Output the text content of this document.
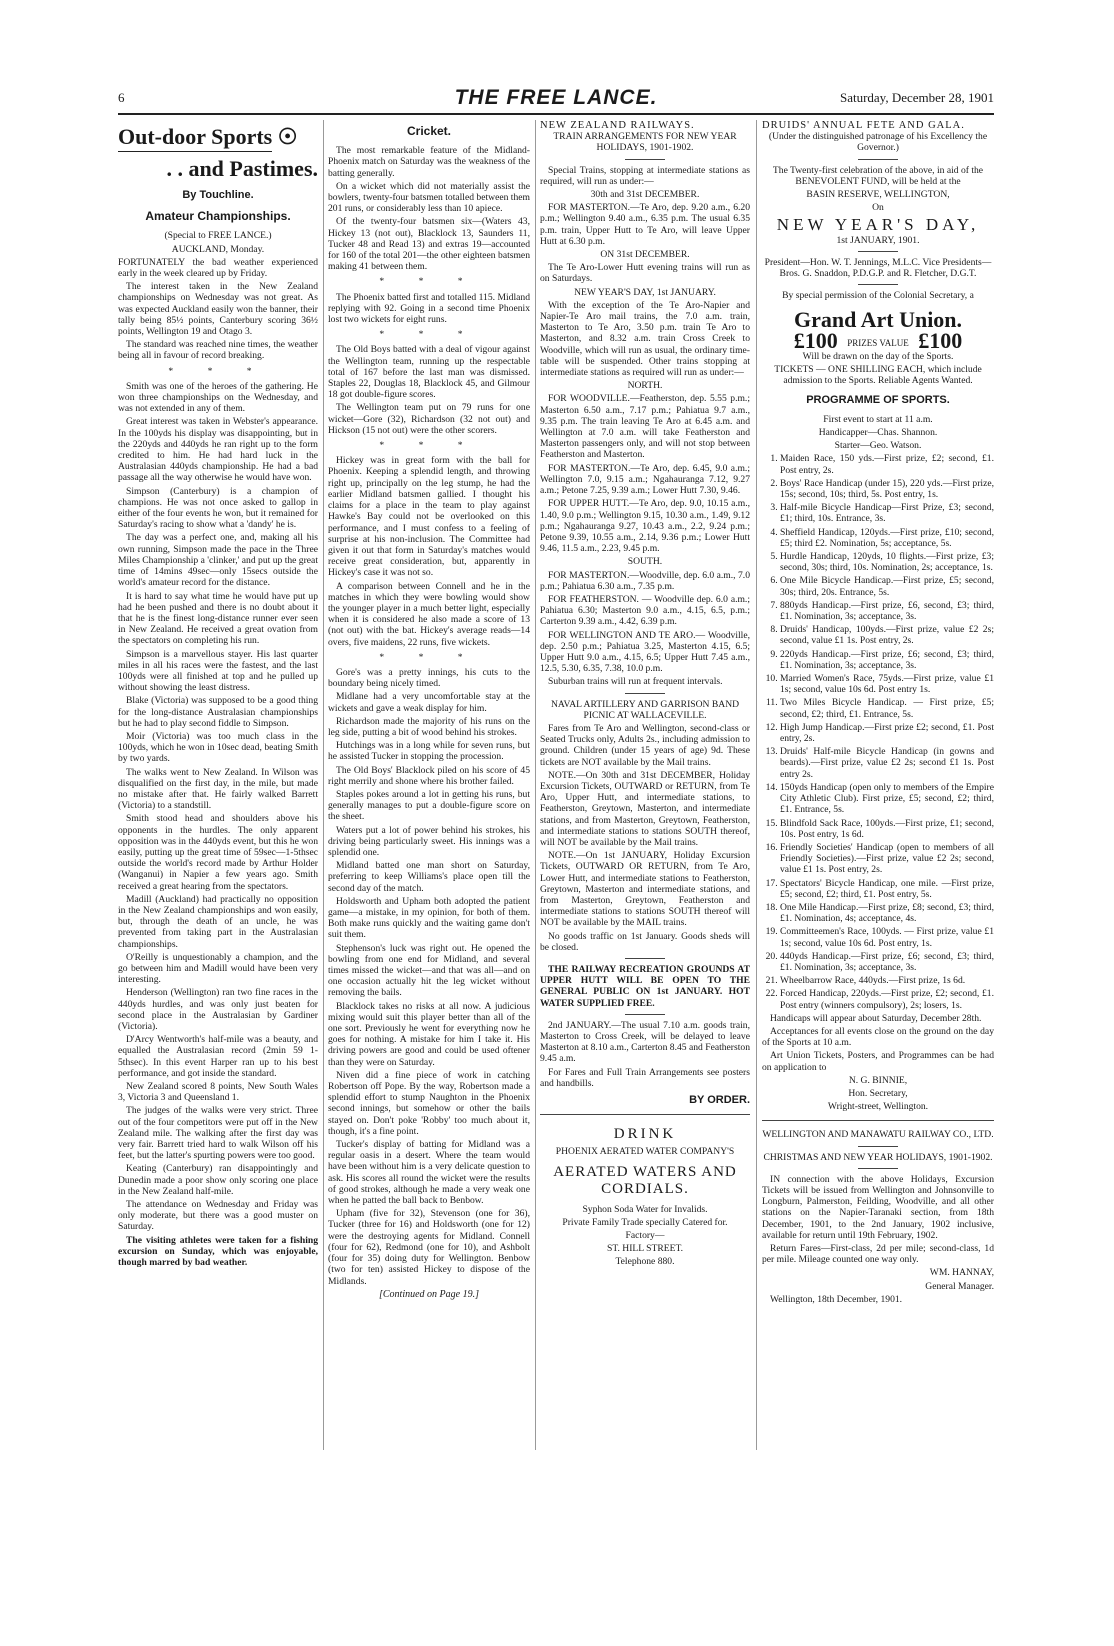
6	THE FREE LANCE.	Saturday, December 28, 1901
Out-door Sports ☉
. . and Pastimes.
By Touchline.
Amateur Championships.

(Special to FREE LANCE.)

AUCKLAND, Monday.

FORTUNATELY the bad weather experienced early in the week cleared up by Friday.

The interest taken in the New Zealand championships on Wednesday was not great. As was expected Auckland easily won the banner, their tally being 85½ points, Canterbury scoring 36½ points, Wellington 19 and Otago 3.

The standard was reached nine times, the weather being all in favour of record breaking.

* * *

Smith was one of the heroes of the gathering. He won three championships on the Wednesday, and was not extended in any of them.

Great interest was taken in Webster's appearance. In the 100yds his display was disappointing, but in the 220yds and 440yds he ran right up to the form credited to him. He had hard luck in the Australasian 440yds championship. He had a bad passage all the way otherwise he would have won.

Simpson (Canterbury) is a champion of champions. He was not once asked to gallop in either of the four events he won, but it remained for Saturday's racing to show what a 'dandy' he is.

The day was a perfect one, and, making all his own running, Simpson made the pace in the Three Miles Championship a 'clinker,' and put up the great time of 14mins 49sec—only 15secs outside the world's amateur record for the distance.

It is hard to say what time he would have put up had he been pushed and there is no doubt about it that he is the finest long-distance runner ever seen in New Zealand. He received a great ovation from the spectators on completing his run.

Simpson is a marvellous stayer. His last quarter miles in all his races were the fastest, and the last 100yds were all finished at top and he pulled up without showing the least distress.

Blake (Victoria) was supposed to be a good thing for the long-distance Australasian championships but he had to play second fiddle to Simpson.

Moir (Victoria) was too much class in the 100yds, which he won in 10sec dead, beating Smith by two yards.

The walks went to New Zealand. In Wilson was disqualified on the first day, in the mile, but made no mistake after that. He fairly walked Barrett (Victoria) to a standstill.

Smith stood head and shoulders above his opponents in the hurdles. The only apparent opposition was in the 440yds event, but this he won easily, putting up the great time of 59sec—1-5thsec outside the world's record made by Arthur Holder (Wanganui) in Napier a few years ago. Smith received a great hearing from the spectators.

Madill (Auckland) had practically no opposition in the New Zealand championships and won easily, but, through the death of an uncle, he was prevented from taking part in the Australasian championships.

O'Reilly is unquestionably a champion, and the go between him and Madill would have been very interesting.

Henderson (Wellington) ran two fine races in the 440yds hurdles, and was only just beaten for second place in the Australasian by Gardiner (Victoria).

D'Arcy Wentworth's half-mile was a beauty, and equalled the Australasian record (2min 59 1-5thsec). In this event Harper ran up to his best performance, and got inside the standard.

New Zealand scored 8 points, New South Wales 3, Victoria 3 and Queensland 1.

The judges of the walks were very strict. Three out of the four competitors were put off in the New Zealand mile. The walking after the first day was very fair. Barrett tried hard to walk Wilson off his feet, but the latter's spurting powers were too good.

Keating (Canterbury) ran disappointingly and Dunedin made a poor show only scoring one place in the New Zealand half-mile.

The attendance on Wednesday and Friday was only moderate, but there was a good muster on Saturday.

The visiting athletes were taken for a fishing excursion on Sunday, which was enjoyable, though marred by bad weather.

Cricket.

The most remarkable feature of the Midland-Phoenix match on Saturday was the weakness of the batting generally.

On a wicket which did not materially assist the bowlers, twenty-four batsmen totalled between them 201 runs, or considerably less than 10 apiece.

Of the twenty-four batsmen six—(Waters 43, Hickey 13 (not out), Blacklock 13, Saunders 11, Tucker 48 and Read 13) and extras 19—accounted for 160 of the total 201—the other eighteen batsmen making 41 between them.

* * *

The Phoenix batted first and totalled 115. Midland replying with 92. Going in a second time Phoenix lost two wickets for eight runs.

* * *

The Old Boys batted with a deal of vigour against the Wellington team, running up the respectable total of 167 before the last man was dismissed. Staples 22, Douglas 18, Blacklock 45, and Gilmour 18 got double-figure scores.

The Wellington team put on 79 runs for one wicket—Gore (32), Richardson (32 not out) and Hickson (15 not out) were the other scorers.

* * *

Hickey was in great form with the ball for Phoenix. Keeping a splendid length, and throwing right up, principally on the leg stump, he had the earlier Midland batsmen gallied. I thought his claims for a place in the team to play against Hawke's Bay could not be overlooked on this performance, and I must confess to a feeling of surprise at his non-inclusion. The Committee had given it out that form in Saturday's matches would receive great consideration, but, apparently in Hickey's case it was not so.

A comparison between Connell and he in the matches in which they were bowling would show the younger player in a much better light, especially when it is considered he also made a score of 13 (not out) with the bat. Hickey's average reads—14 overs, five maidens, 22 runs, five wickets.

* * *

Gore's was a pretty innings, his cuts to the boundary being nicely timed.

Midlane had a very uncomfortable stay at the wickets and gave a weak display for him.

Richardson made the majority of his runs on the leg side, putting a bit of wood behind his strokes.

Hutchings was in a long while for seven runs, but he assisted Tucker in stopping the procession.

The Old Boys' Blacklock piled on his score of 45 right merrily and shone where his brother failed.

Staples pokes around a lot in getting his runs, but generally manages to put a double-figure score on the sheet.

Waters put a lot of power behind his strokes, his driving being particularly sweet. His innings was a splendid one.

Midland batted one man short on Saturday, preferring to keep Williams's place open till the second day of the match.

Holdsworth and Upham both adopted the patient game—a mistake, in my opinion, for both of them. Both make runs quickly and the waiting game don't suit them.

Stephenson's luck was right out. He opened the bowling from one end for Midland, and several times missed the wicket—and that was all—and on one occasion actually hit the leg wicket without removing the bails.

Blacklock takes no risks at all now. A judicious mixing would suit this player better than all of the one sort. Previously he went for everything now he goes for nothing. A mistake for him I take it. His driving powers are good and could be used oftener than they were on Saturday.

Niven did a fine piece of work in catching Robertson off Pope. By the way, Robertson made a splendid effort to stump Naughton in the Phoenix second innings, but somehow or other the bails stayed on. Don't poke 'Robby' too much about it, though, it's a fine point.

Tucker's display of batting for Midland was a regular oasis in a desert. Where the team would have been without him is a very delicate question to ask. His scores all round the wicket were the results of good strokes, although he made a very weak one when he patted the ball back to Benbow.

Upham (five for 32), Stevenson (one for 36), Tucker (three for 16) and Holdsworth (one for 12) were the destroying agents for Midland. Connell (four for 62), Redmond (one for 10), and Ashbolt (four for 35) doing duty for Wellington. Benbow (two for ten) assisted Hickey to dispose of the Midlands.

[Continued on Page 19.]
NEW ZEALAND RAILWAYS.

TRAIN ARRANGEMENTS FOR NEW YEAR HOLIDAYS, 1901-1902.

Special Trains, stopping at intermediate stations as required, will run as under:—

30th and 31st DECEMBER.

FOR MASTERTON.—Te Aro, dep. 9.20 a.m., 6.20 p.m.; Wellington 9.40 a.m., 6.35 p.m. The usual 6.35 p.m. train, Upper Hutt to Te Aro, will leave Upper Hutt at 6.30 p.m.

ON 31st DECEMBER.

The Te Aro-Lower Hutt evening trains will run as on Saturdays.

NEW YEAR'S DAY, 1st JANUARY.

With the exception of the Te Aro-Napier and Napier-Te Aro mail trains, the 7.0 a.m. train, Masterton to Te Aro, 3.50 p.m. train Te Aro to Masterton, and 8.32 a.m. train Cross Creek to Woodville, which will run as usual, the ordinary time-table will be suspended. Other trains stopping at intermediate stations as required will run as under:—

NORTH.

FOR WOODVILLE.—Featherston, dep. 5.55 p.m.; Masterton 6.50 a.m., 7.17 p.m.; Pahiatua 9.7 a.m., 9.35 p.m. The train leaving Te Aro at 6.45 a.m. and Wellington at 7.0 a.m. will take Featherston and Masterton passengers only, and will not stop between Featherston and Masterton.

FOR MASTERTON.—Te Aro, dep. 6.45, 9.0 a.m.; Wellington 7.0, 9.15 a.m.; Ngahauranga 7.12, 9.27 a.m.; Petone 7.25, 9.39 a.m.; Lower Hutt 7.30, 9.46.

FOR UPPER HUTT.—Te Aro, dep. 9.0, 10.15 a.m., 1.40, 9.0 p.m.; Wellington 9.15, 10.30 a.m., 1.49, 9.12 p.m.; Ngahauranga 9.27, 10.43 a.m., 2.2, 9.24 p.m.; Petone 9.39, 10.55 a.m., 2.14, 9.36 p.m.; Lower Hutt 9.46, 11.5 a.m., 2.23, 9.45 p.m.

SOUTH.

FOR MASTERTON.—Woodville, dep. 6.0 a.m., 7.0 p.m.; Pahiatua 6.30 a.m., 7.35 p.m.

FOR FEATHERSTON. — Woodville dep. 6.0 a.m.; Pahiatua 6.30; Masterton 9.0 a.m., 4.15, 6.5, p.m.; Carterton 9.39 a.m., 4.42, 6.39 p.m.

FOR WELLINGTON AND TE ARO.— Woodville, dep. 2.50 p.m.; Pahiatua 3.25, Masterton 4.15, 6.5; Upper Hutt 9.0 a.m., 4.15, 6.5; Upper Hutt 7.45 a.m., 12.5, 5.30, 6.35, 7.38, 10.0 p.m.

Suburban trains will run at frequent intervals.

NAVAL ARTILLERY AND GARRISON BAND PICNIC AT WALLACEVILLE.

Fares from Te Aro and Wellington, second-class or Seated Trucks only, Adults 2s., including admission to ground. Children (under 15 years of age) 9d. These tickets are NOT available by the Mail trains.

NOTE.—On 30th and 31st DECEMBER, Holiday Excursion Tickets, OUTWARD or RETURN, from Te Aro, Upper Hutt, and intermediate stations, to Featherston, Greytown, Masterton, and intermediate stations, and from Masterton, Greytown, Featherston, and intermediate stations to stations SOUTH thereof, will NOT be available by the Mail trains.

NOTE.—On 1st JANUARY, Holiday Excursion Tickets, OUTWARD OR RETURN, from Te Aro, Lower Hutt, and intermediate stations to Featherston, Greytown, Masterton and intermediate stations, and from Masterton, Greytown, Featherston and intermediate stations to stations SOUTH thereof will NOT be available by the MAIL trains.

No goods traffic on 1st January. Goods sheds will be closed.

THE RAILWAY RECREATION GROUNDS AT UPPER HUTT WILL BE OPEN TO THE GENERAL PUBLIC ON 1st JANUARY. HOT WATER SUPPLIED FREE.

2nd JANUARY.—The usual 7.10 a.m. goods train, Masterton to Cross Creek, will be delayed to leave Masterton at 8.10 a.m., Carterton 8.45 and Featherston 9.45 a.m.

For Fares and Full Train Arrangements see posters and handbills.

BY ORDER.
DRINK

PHOENIX AERATED WATER COMPANY'S

AERATED WATERS AND CORDIALS.

Syphon Soda Water for Invalids.

Private Family Trade specially Catered for.

Factory—

ST. HILL STREET.

Telephone 880.

DRUIDS' ANNUAL FETE AND GALA.

(Under the distinguished patronage of his Excellency the Governor.)

The Twenty-first celebration of the above, in aid of the BENEVOLENT FUND, will be held at the

BASIN RESERVE, WELLINGTON,

On

NEW YEAR'S DAY,

1st JANUARY, 1901.

President—Hon. W. T. Jennings, M.L.C. Vice Presidents—Bros. G. Snaddon, P.D.G.P. and R. Fletcher, D.G.T.

By special permission of the Colonial Secretary, a

Grand Art Union.
£100 PRIZES VALUE £100

Will be drawn on the day of the Sports.

TICKETS — ONE SHILLING EACH, which include admission to the Sports. Reliable Agents Wanted.

PROGRAMME OF SPORTS.

First event to start at 11 a.m.

Handicapper—Chas. Shannon.

Starter—Geo. Watson.

1. Maiden Race, 150 yds.—First prize, £2; second, £1. Post entry, 2s.
2. Boys' Race Handicap (under 15), 220 yds.—First prize, 15s; second, 10s; third, 5s. Post entry, 1s.
3. Half-mile Bicycle Handicap—First Prize, £3; second, £1; third, 10s. Entrance, 3s.
4. Sheffield Handicap, 120yds.—First prize, £10; second, £5; third £2. Nomination, 5s; acceptance, 5s.
5. Hurdle Handicap, 120yds, 10 flights.—First prize, £3; second, 30s; third, 10s. Nomination, 2s; acceptance, 1s.
6. One Mile Bicycle Handicap.—First prize, £5; second, 30s; third, 20s. Entrance, 5s.
7. 880yds Handicap.—First prize, £6, second, £3; third, £1. Nomination, 3s; acceptance, 3s.
8. Druids' Handicap, 100yds.—First prize, value £2 2s; second, value £1 1s. Post entry, 2s.
9. 220yds Handicap.—First prize, £6; second, £3; third, £1. Nomination, 3s; acceptance, 3s.
10. Married Women's Race, 75yds.—First prize, value £1 1s; second, value 10s 6d. Post entry 1s.
11. Two Miles Bicycle Handicap. — First prize, £5; second, £2; third, £1. Entrance, 5s.
12. High Jump Handicap.—First prize £2; second, £1. Post entry, 2s.
13. Druids' Half-mile Bicycle Handicap (in gowns and beards).—First prize, value £2 2s; second £1 1s. Post entry 2s.
14. 150yds Handicap (open only to members of the Empire City Athletic Club). First prize, £5; second, £2; third, £1. Entrance, 5s.
15. Blindfold Sack Race, 100yds.—First prize, £1; second, 10s. Post entry, 1s 6d.
16. Friendly Societies' Handicap (open to members of all Friendly Societies).—First prize, value £2 2s; second, value £1 1s. Post entry, 2s.
17. Spectators' Bicycle Handicap, one mile. —First prize, £5; second, £2; third, £1. Post entry, 5s.
18. One Mile Handicap.—First prize, £8; second, £3; third, £1. Nomination, 4s; acceptance, 4s.
19. Committeemen's Race, 100yds. — First prize, value £1 1s; second, value 10s 6d. Post entry, 1s.
20. 440yds Handicap.—First prize, £6; second, £3; third, £1. Nomination, 3s; acceptance, 3s.
21. Wheelbarrow Race, 440yds.—First prize, 1s 6d.
22. Forced Handicap, 220yds.—First prize, £2; second, £1. Post entry (winners compulsory), 2s; losers, 1s.

Handicaps will appear about Saturday, December 28th.

Acceptances for all events close on the ground on the day of the Sports at 10 a.m.

Art Union Tickets, Posters, and Programmes can be had on application to

N. G. BINNIE,

Hon. Secretary,

Wright-street, Wellington.

WELLINGTON AND MANAWATU RAILWAY CO., LTD.

CHRISTMAS AND NEW YEAR HOLIDAYS, 1901-1902.

IN connection with the above Holidays, Excursion Tickets will be issued from Wellington and Johnsonville to Longburn, Palmerston, Feilding, Woodville, and all other stations on the Napier-Taranaki section, from 18th December, 1901, to the 2nd January, 1902 inclusive, available for return until 19th February, 1902.

Return Fares—First-class, 2d per mile; second-class, 1d per mile. Mileage counted one way only.

WM. HANNAY,

General Manager.

Wellington, 18th December, 1901.
